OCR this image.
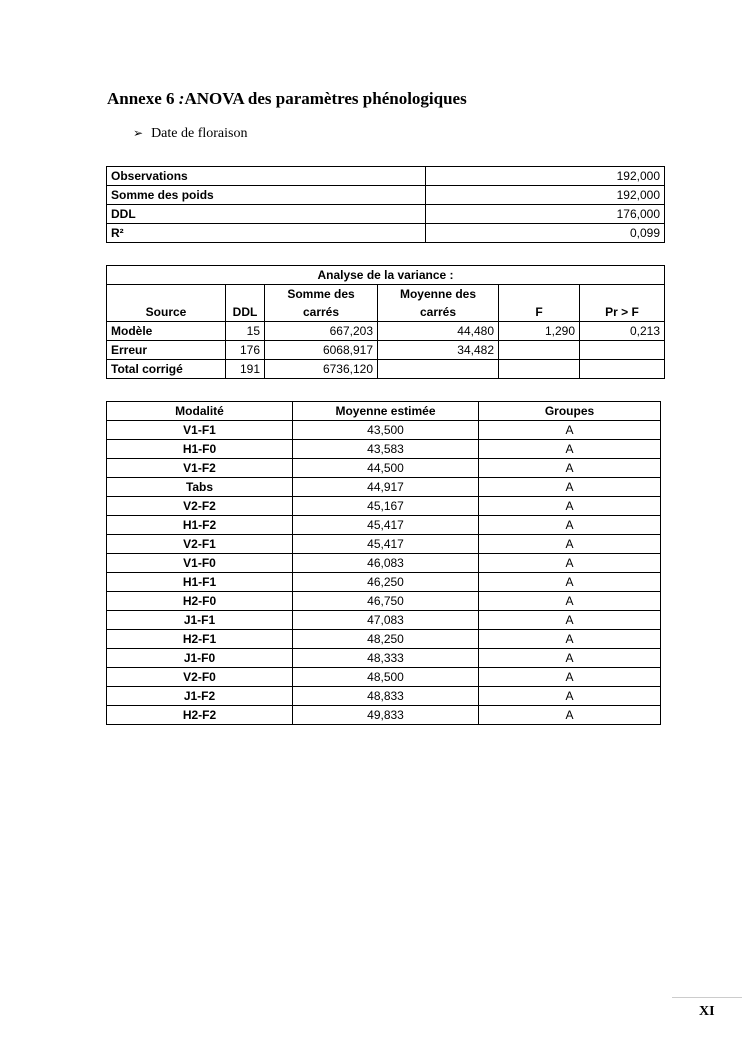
Annexe 6 :ANOVA des paramètres phénologiques
➢ Date de floraison
Observations	192,000
Somme des poids	192,000
DDL	176,000
R²	0,099
Analyse de la variance :					
		Somme des	Moyenne des		
Source	DDL	carrés	carrés	F	Pr > F
Modèle	15	667,203	44,480	1,290	0,213
Erreur	176	6068,917	34,482		
Total corrigé	191	6736,120			
Modalité	Moyenne estimée	Groupes
V1-F1	43,500	A
H1-F0	43,583	A
V1-F2	44,500	A
Tabs	44,917	A
V2-F2	45,167	A
H1-F2	45,417	A
V2-F1	45,417	A
V1-F0	46,083	A
H1-F1	46,250	A
H2-F0	46,750	A
J1-F1	47,083	A
H2-F1	48,250	A
J1-F0	48,333	A
V2-F0	48,500	A
J1-F2	48,833	A
H2-F2	49,833	A
XI
